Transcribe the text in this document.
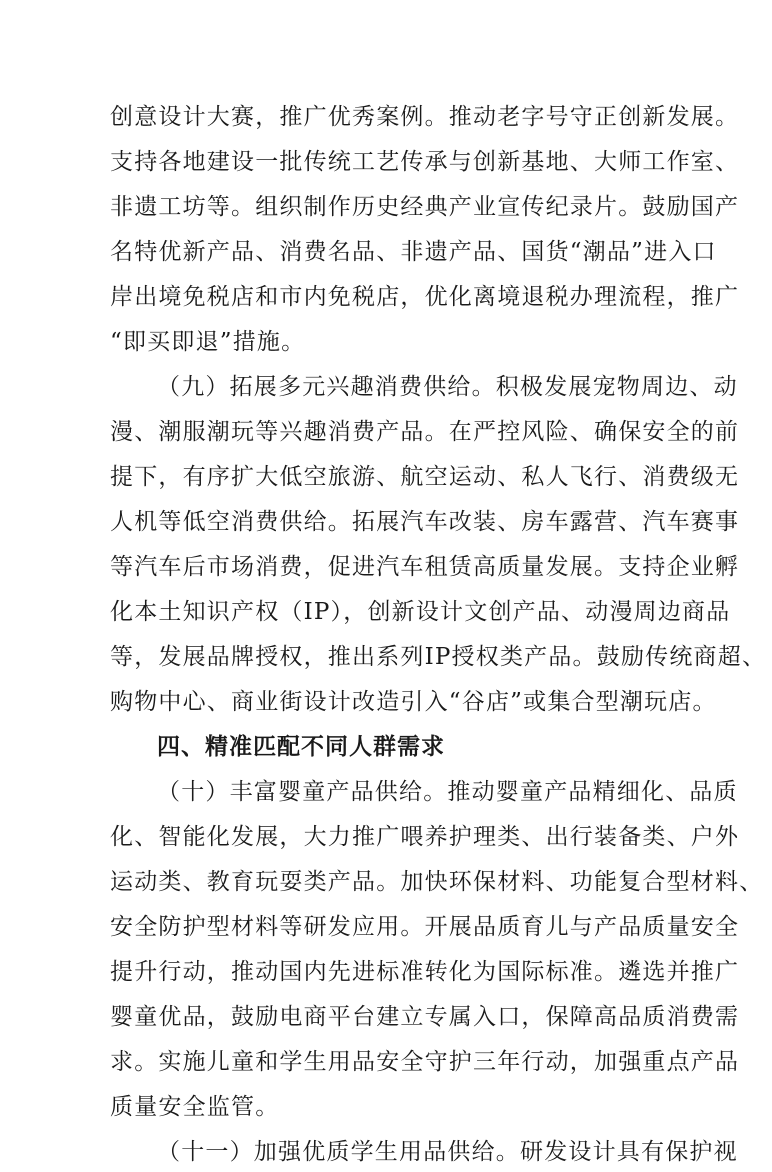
创意设计大赛，推广优秀案例。推动老字号守正创新发展。
支持各地建设一批传统工艺传承与创新基地、大师工作室、
非遗工坊等。组织制作历史经典产业宣传纪录片。鼓励国产
名特优新产品、消费名品、非遗产品、国货“潮品”进入口
岸出境免税店和市内免税店，优化离境退税办理流程，推广
“即买即退”措施。
（九）拓展多元兴趣消费供给。积极发展宠物周边、动
漫、潮服潮玩等兴趣消费产品。在严控风险、确保安全的前
提下，有序扩大低空旅游、航空运动、私人飞行、消费级无
人机等低空消费供给。拓展汽车改装、房车露营、汽车赛事
等汽车后市场消费，促进汽车租赁高质量发展。支持企业孵
化本土知识产权（IP），创新设计文创产品、动漫周边商品
等，发展品牌授权，推出系列IP授权类产品。鼓励传统商超、
购物中心、商业街设计改造引入“谷店”或集合型潮玩店。
四、精准匹配不同人群需求
（十）丰富婴童产品供给。推动婴童产品精细化、品质
化、智能化发展，大力推广喂养护理类、出行装备类、户外
运动类、教育玩耍类产品。加快环保材料、功能复合型材料、
安全防护型材料等研发应用。开展品质育儿与产品质量安全
提升行动，推动国内先进标准转化为国际标准。遴选并推广
婴童优品，鼓励电商平台建立专属入口，保障高品质消费需
求。实施儿童和学生用品安全守护三年行动，加强重点产品
质量安全监管。
（十一）加强优质学生用品供给。研发设计具有保护视
